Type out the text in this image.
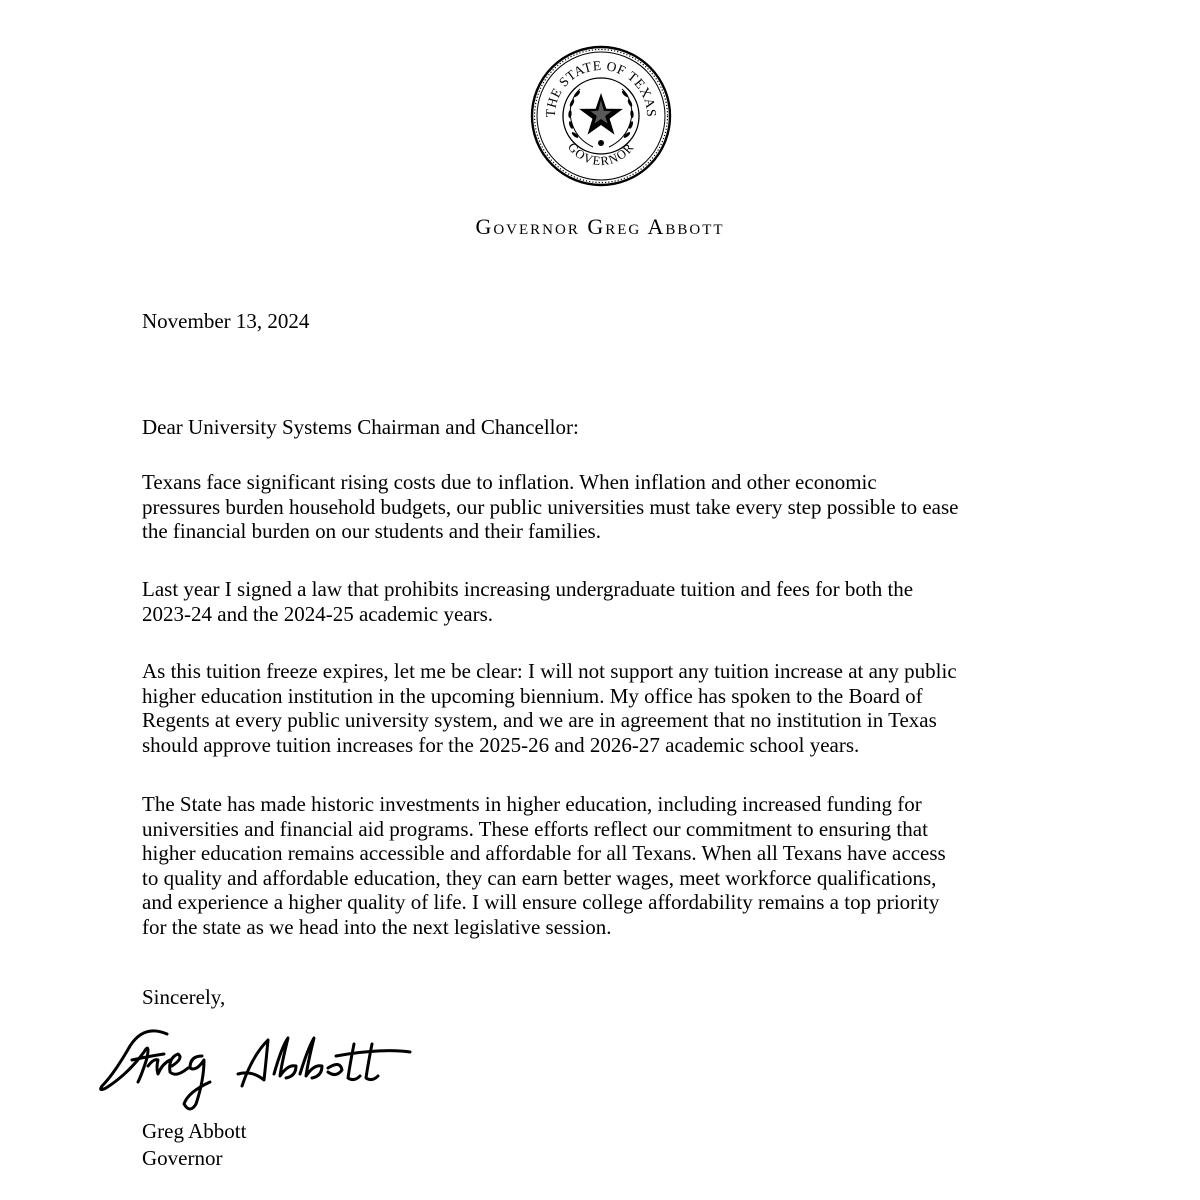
THE STATE OF TEXAS
GOVERNOR
Governor Greg Abbott
November 13, 2024
Dear University Systems Chairman and Chancellor:
Texans face significant rising costs due to inflation. When inflation and other economic
pressures burden household budgets, our public universities must take every step possible to ease
the financial burden on our students and their families.
Last year I signed a law that prohibits increasing undergraduate tuition and fees for both the
2023-24 and the 2024-25 academic years.
As this tuition freeze expires, let me be clear: I will not support any tuition increase at any public
higher education institution in the upcoming biennium. My office has spoken to the Board of
Regents at every public university system, and we are in agreement that no institution in Texas
should approve tuition increases for the 2025-26 and 2026-27 academic school years.
The State has made historic investments in higher education, including increased funding for
universities and financial aid programs. These efforts reflect our commitment to ensuring that
higher education remains accessible and affordable for all Texans. When all Texans have access
to quality and affordable education, they can earn better wages, meet workforce qualifications,
and experience a higher quality of life. I will ensure college affordability remains a top priority
for the state as we head into the next legislative session.
Sincerely,
Greg Abbott
Governor
